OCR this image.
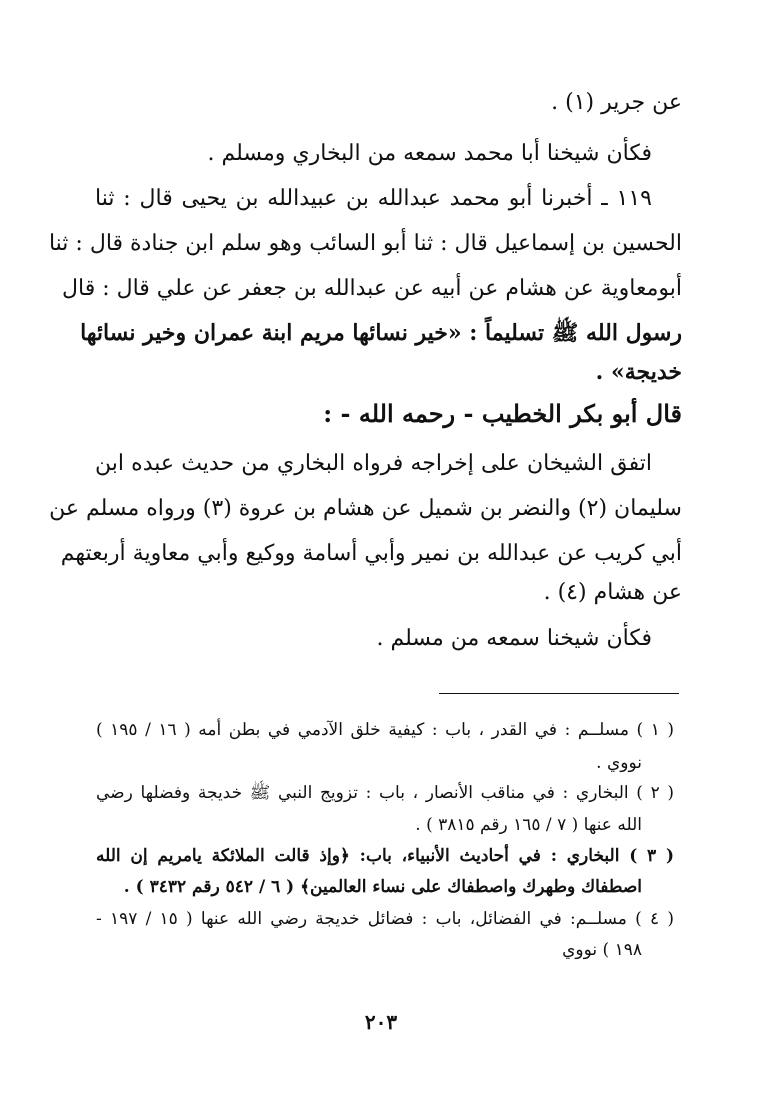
عن جرير (١) .
فكأن شيخنا أبا محمد سمعه من البخاري ومسلم .
١١٩ ـ أخبرنا أبو محمد عبدالله بن عبيدالله بن يحيى قال : ثنا
الحسين بن إسماعيل قال : ثنا أبو السائب وهو سلم ابن جنادة قال : ثنا
أبومعاوية عن هشام عن أبيه عن عبدالله بن جعفر عن علي قال : قال
رسول الله ﷺ تسليماً : «خير نسائها مريم ابنة عمران وخير نسائها
خديجة» .
قال أبو بكر الخطيب - رحمه الله - :
اتفق الشيخان على إخراجه فرواه البخاري من حديث عبده ابن
سليمان (٢) والنضر بن شميل عن هشام بن عروة (٣) ورواه مسلم عن
أبي كريب عن عبدالله بن نمير وأبي أسامة ووكيع وأبي معاوية أربعتهم
عن هشام (٤) .
فكأن شيخنا سمعه من مسلم .
( ١ ) مسلــم : في القدر ، باب : كيفية خلق الآدمي في بطن أمه ( ١٦ / ١٩٥ )
نووي .
( ٢ ) البخاري : في مناقب الأنصار ، باب : تزويج النبي ﷺ خديجة وفضلها رضي
الله عنها ( ٧ / ١٦٥ رقم ٣٨١٥ ) .
( ٣ ) البخاري : في أحاديث الأنبياء، باب: ﴿وإذ قالت الملائكة يامريم إن الله
اصطفاك وطهرك واصطفاك على نساء العالمين﴾ ( ٦ / ٥٤٢ رقم ٣٤٣٢ ) .
( ٤ ) مسلــم: في الفضائل، باب : فضائل خديجة رضي الله عنها ( ١٥ / ١٩٧ -
١٩٨ ) نووي
٢٠٣
